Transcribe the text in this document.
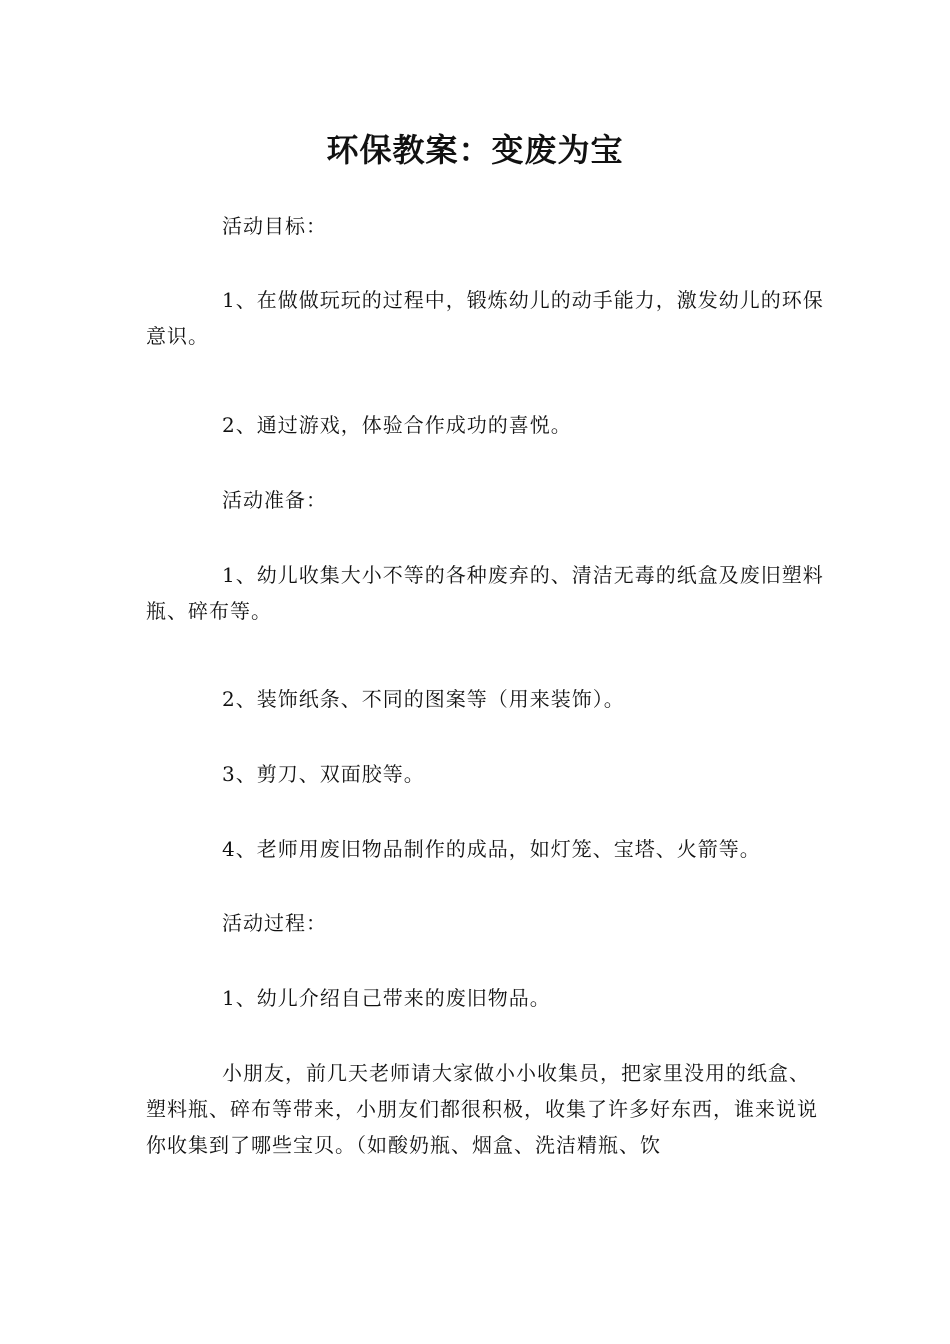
环保教案：变废为宝

活动目标：

1、在做做玩玩的过程中，锻炼幼儿的动手能力，激发幼儿的环保意识。

2、通过游戏，体验合作成功的喜悦。

活动准备：

1、幼儿收集大小不等的各种废弃的、清洁无毒的纸盒及废旧塑料瓶、碎布等。

2、装饰纸条、不同的图案等（用来装饰）。

3、剪刀、双面胶等。

4、老师用废旧物品制作的成品，如灯笼、宝塔、火箭等。

活动过程：

1、幼儿介绍自己带来的废旧物品。

小朋友，前几天老师请大家做小小收集员，把家里没用的纸盒、塑料瓶、碎布等带来，小朋友们都很积极，收集了许多好东西，谁来说说你收集到了哪些宝贝。（如酸奶瓶、烟盒、洗洁精瓶、饮
